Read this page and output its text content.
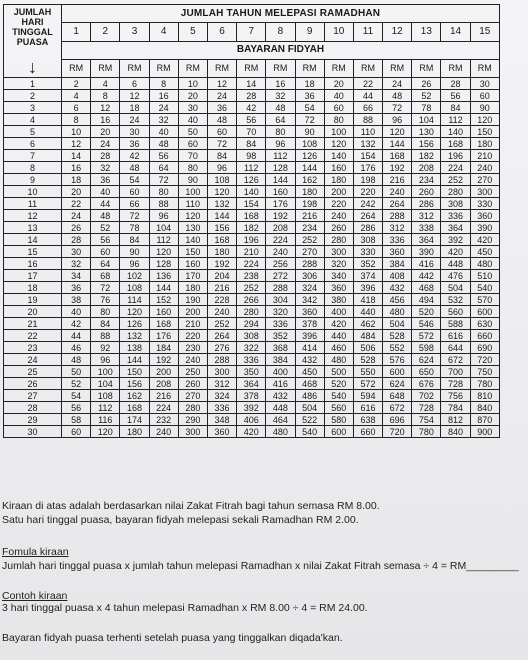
JUMLAH
HARI
TINGGAL
PUASA
↓	JUMLAH TAHUN MELEPASI RAMADHAN														
	1	2	3	4	5	6	7	8	9	10	11	12	13	14	15
	BAYARAN FIDYAH														
	RM	RM	RM	RM	RM	RM	RM	RM	RM	RM	RM	RM	RM	RM	RM
1	2	4	6	8	10	12	14	16	18	20	22	24	26	28	30
2	4	8	12	16	20	24	28	32	36	40	44	48	52	56	60
3	6	12	18	24	30	36	42	48	54	60	66	72	78	84	90
4	8	16	24	32	40	48	56	64	72	80	88	96	104	112	120
5	10	20	30	40	50	60	70	80	90	100	110	120	130	140	150
6	12	24	36	48	60	72	84	96	108	120	132	144	156	168	180
7	14	28	42	56	70	84	98	112	126	140	154	168	182	196	210
8	16	32	48	64	80	96	112	128	144	160	176	192	208	224	240
9	18	36	54	72	90	108	126	144	162	180	198	216	234	252	270
10	20	40	60	80	100	120	140	160	180	200	220	240	260	280	300
11	22	44	66	88	110	132	154	176	198	220	242	264	286	308	330
12	24	48	72	96	120	144	168	192	216	240	264	288	312	336	360
13	26	52	78	104	130	156	182	208	234	260	286	312	338	364	390
14	28	56	84	112	140	168	196	224	252	280	308	336	364	392	420
15	30	60	90	120	150	180	210	240	270	300	330	360	390	420	450
16	32	64	96	128	160	192	224	256	288	320	352	384	416	448	480
17	34	68	102	136	170	204	238	272	306	340	374	408	442	476	510
18	36	72	108	144	180	216	252	288	324	360	396	432	468	504	540
19	38	76	114	152	190	228	266	304	342	380	418	456	494	532	570
20	40	80	120	160	200	240	280	320	360	400	440	480	520	560	600
21	42	84	126	168	210	252	294	336	378	420	462	504	546	588	630
22	44	88	132	176	220	264	308	352	396	440	484	528	572	616	660
23	46	92	138	184	230	276	322	368	414	460	506	552	598	644	690
24	48	96	144	192	240	288	336	384	432	480	528	576	624	672	720
25	50	100	150	200	250	300	350	400	450	500	550	600	650	700	750
26	52	104	156	208	260	312	364	416	468	520	572	624	676	728	780
27	54	108	162	216	270	324	378	432	486	540	594	648	702	756	810
28	56	112	168	224	280	336	392	448	504	560	616	672	728	784	840
29	58	116	174	232	290	348	406	464	522	580	638	696	754	812	870
30	60	120	180	240	300	360	420	480	540	600	660	720	780	840	900
Kiraan di atas adalah berdasarkan nilai Zakat Fitrah bagi tahun semasa RM 8.00.
Satu hari tinggal puasa, bayaran fidyah melepasi sekali Ramadhan RM 2.00.
Fomula kiraan
Jumlah hari tinggal puasa x jumlah tahun melepasi Ramadhan x nilai Zakat Fitrah semasa ÷ 4 = RM_________
Contoh kiraan
3 hari tinggal puasa x 4 tahun melepasi Ramadhan x RM 8.00 ÷ 4 = RM 24.00.
Bayaran fidyah puasa terhenti setelah puasa yang tinggalkan diqada'kan.
